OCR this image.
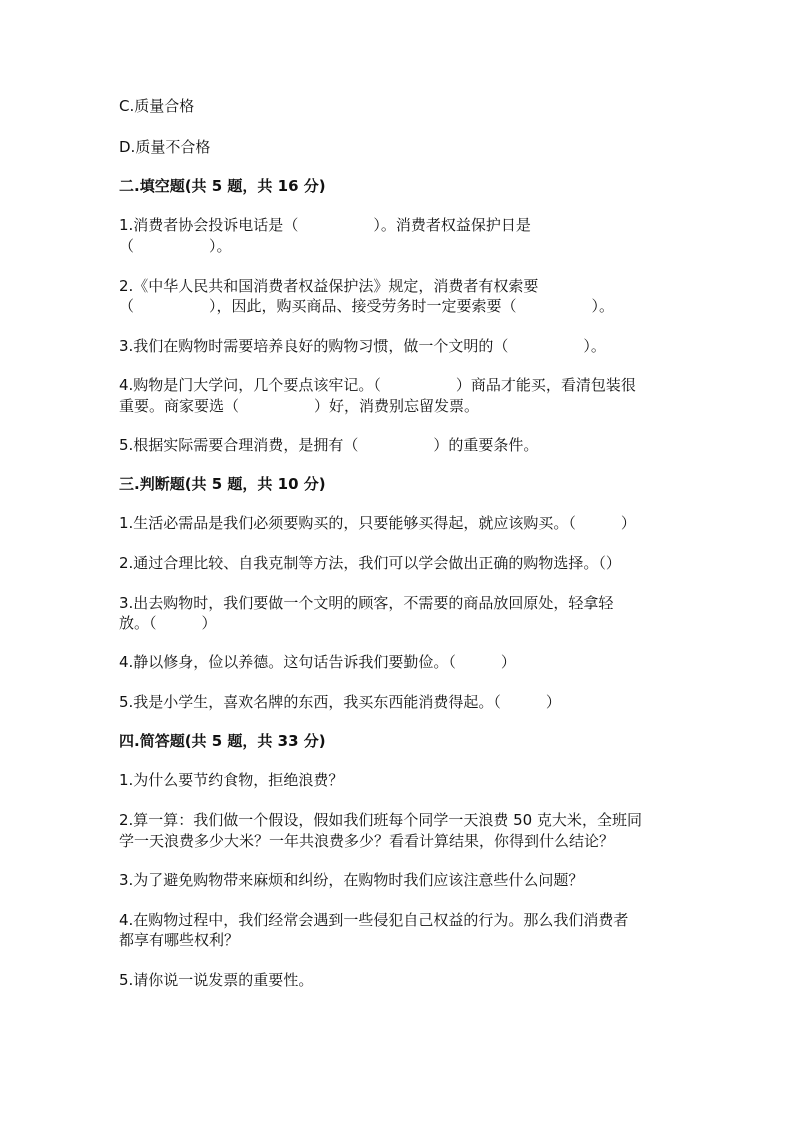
C.质量合格
D.质量不合格
二.填空题(共 5 题，共 16 分)
1.消费者协会投诉电话是（　　　　　）。消费者权益保护日是
（　　　　　）。
2.《中华人民共和国消费者权益保护法》规定，消费者有权索要
（　　　　　），因此，购买商品、接受劳务时一定要索要（　　　　　）。
3.我们在购物时需要培养良好的购物习惯，做一个文明的（　　　　　）。
4.购物是门大学问，几个要点该牢记。（　　　　　）商品才能买，看清包装很
重要。商家要选（　　　　　）好，消费别忘留发票。
5.根据实际需要合理消费，是拥有（　　　　　）的重要条件。
三.判断题(共 5 题，共 10 分)
1.生活必需品是我们必须要购买的，只要能够买得起，就应该购买。（　　　）
2.通过合理比较、自我克制等方法，我们可以学会做出正确的购物选择。（）
3.出去购物时，我们要做一个文明的顾客，不需要的商品放回原处，轻拿轻
放。（　　　）
4.静以修身，俭以养德。这句话告诉我们要勤俭。（　　　）
5.我是小学生，喜欢名牌的东西，我买东西能消费得起。（　　　）
四.简答题(共 5 题，共 33 分)
1.为什么要节约食物，拒绝浪费？
2.算一算：我们做一个假设，假如我们班每个同学一天浪费 50 克大米，全班同
学一天浪费多少大米？一年共浪费多少？看看计算结果，你得到什么结论？
3.为了避免购物带来麻烦和纠纷，在购物时我们应该注意些什么问题？
4.在购物过程中，我们经常会遇到一些侵犯自己权益的行为。那么我们消费者
都享有哪些权利？
5.请你说一说发票的重要性。
